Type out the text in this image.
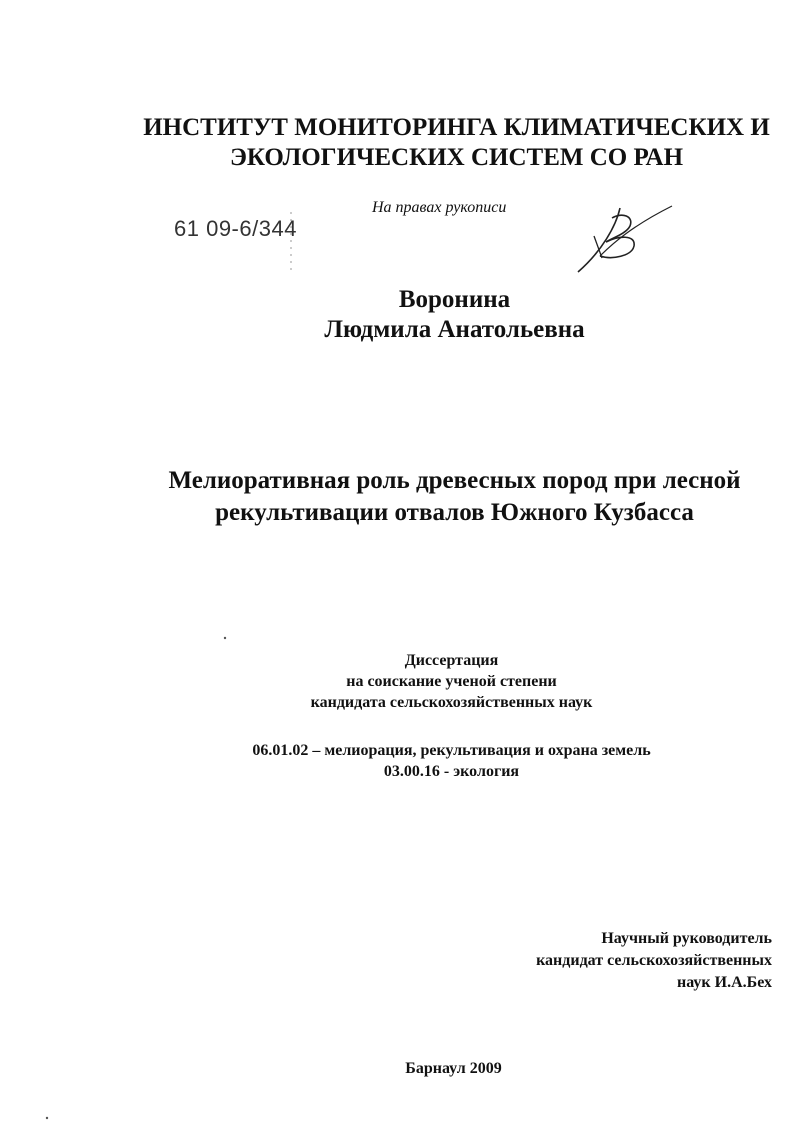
ИНСТИТУТ МОНИТОРИНГА КЛИМАТИЧЕСКИХ И
ЭКОЛОГИЧЕСКИХ СИСТЕМ СО РАН
На правах рукописи
61 09-6/344
Воронина
Людмила Анатольевна
Мелиоративная роль древесных пород при лесной
рекультивации отвалов Южного Кузбасса
Диссертация
на соискание ученой степени
кандидата сельскохозяйственных наук
06.01.02 – мелиорация, рекультивация и охрана земель
03.00.16 - экология
Научный руководитель
кандидат сельскохозяйственных
наук И.А.Бех
Барнаул 2009
